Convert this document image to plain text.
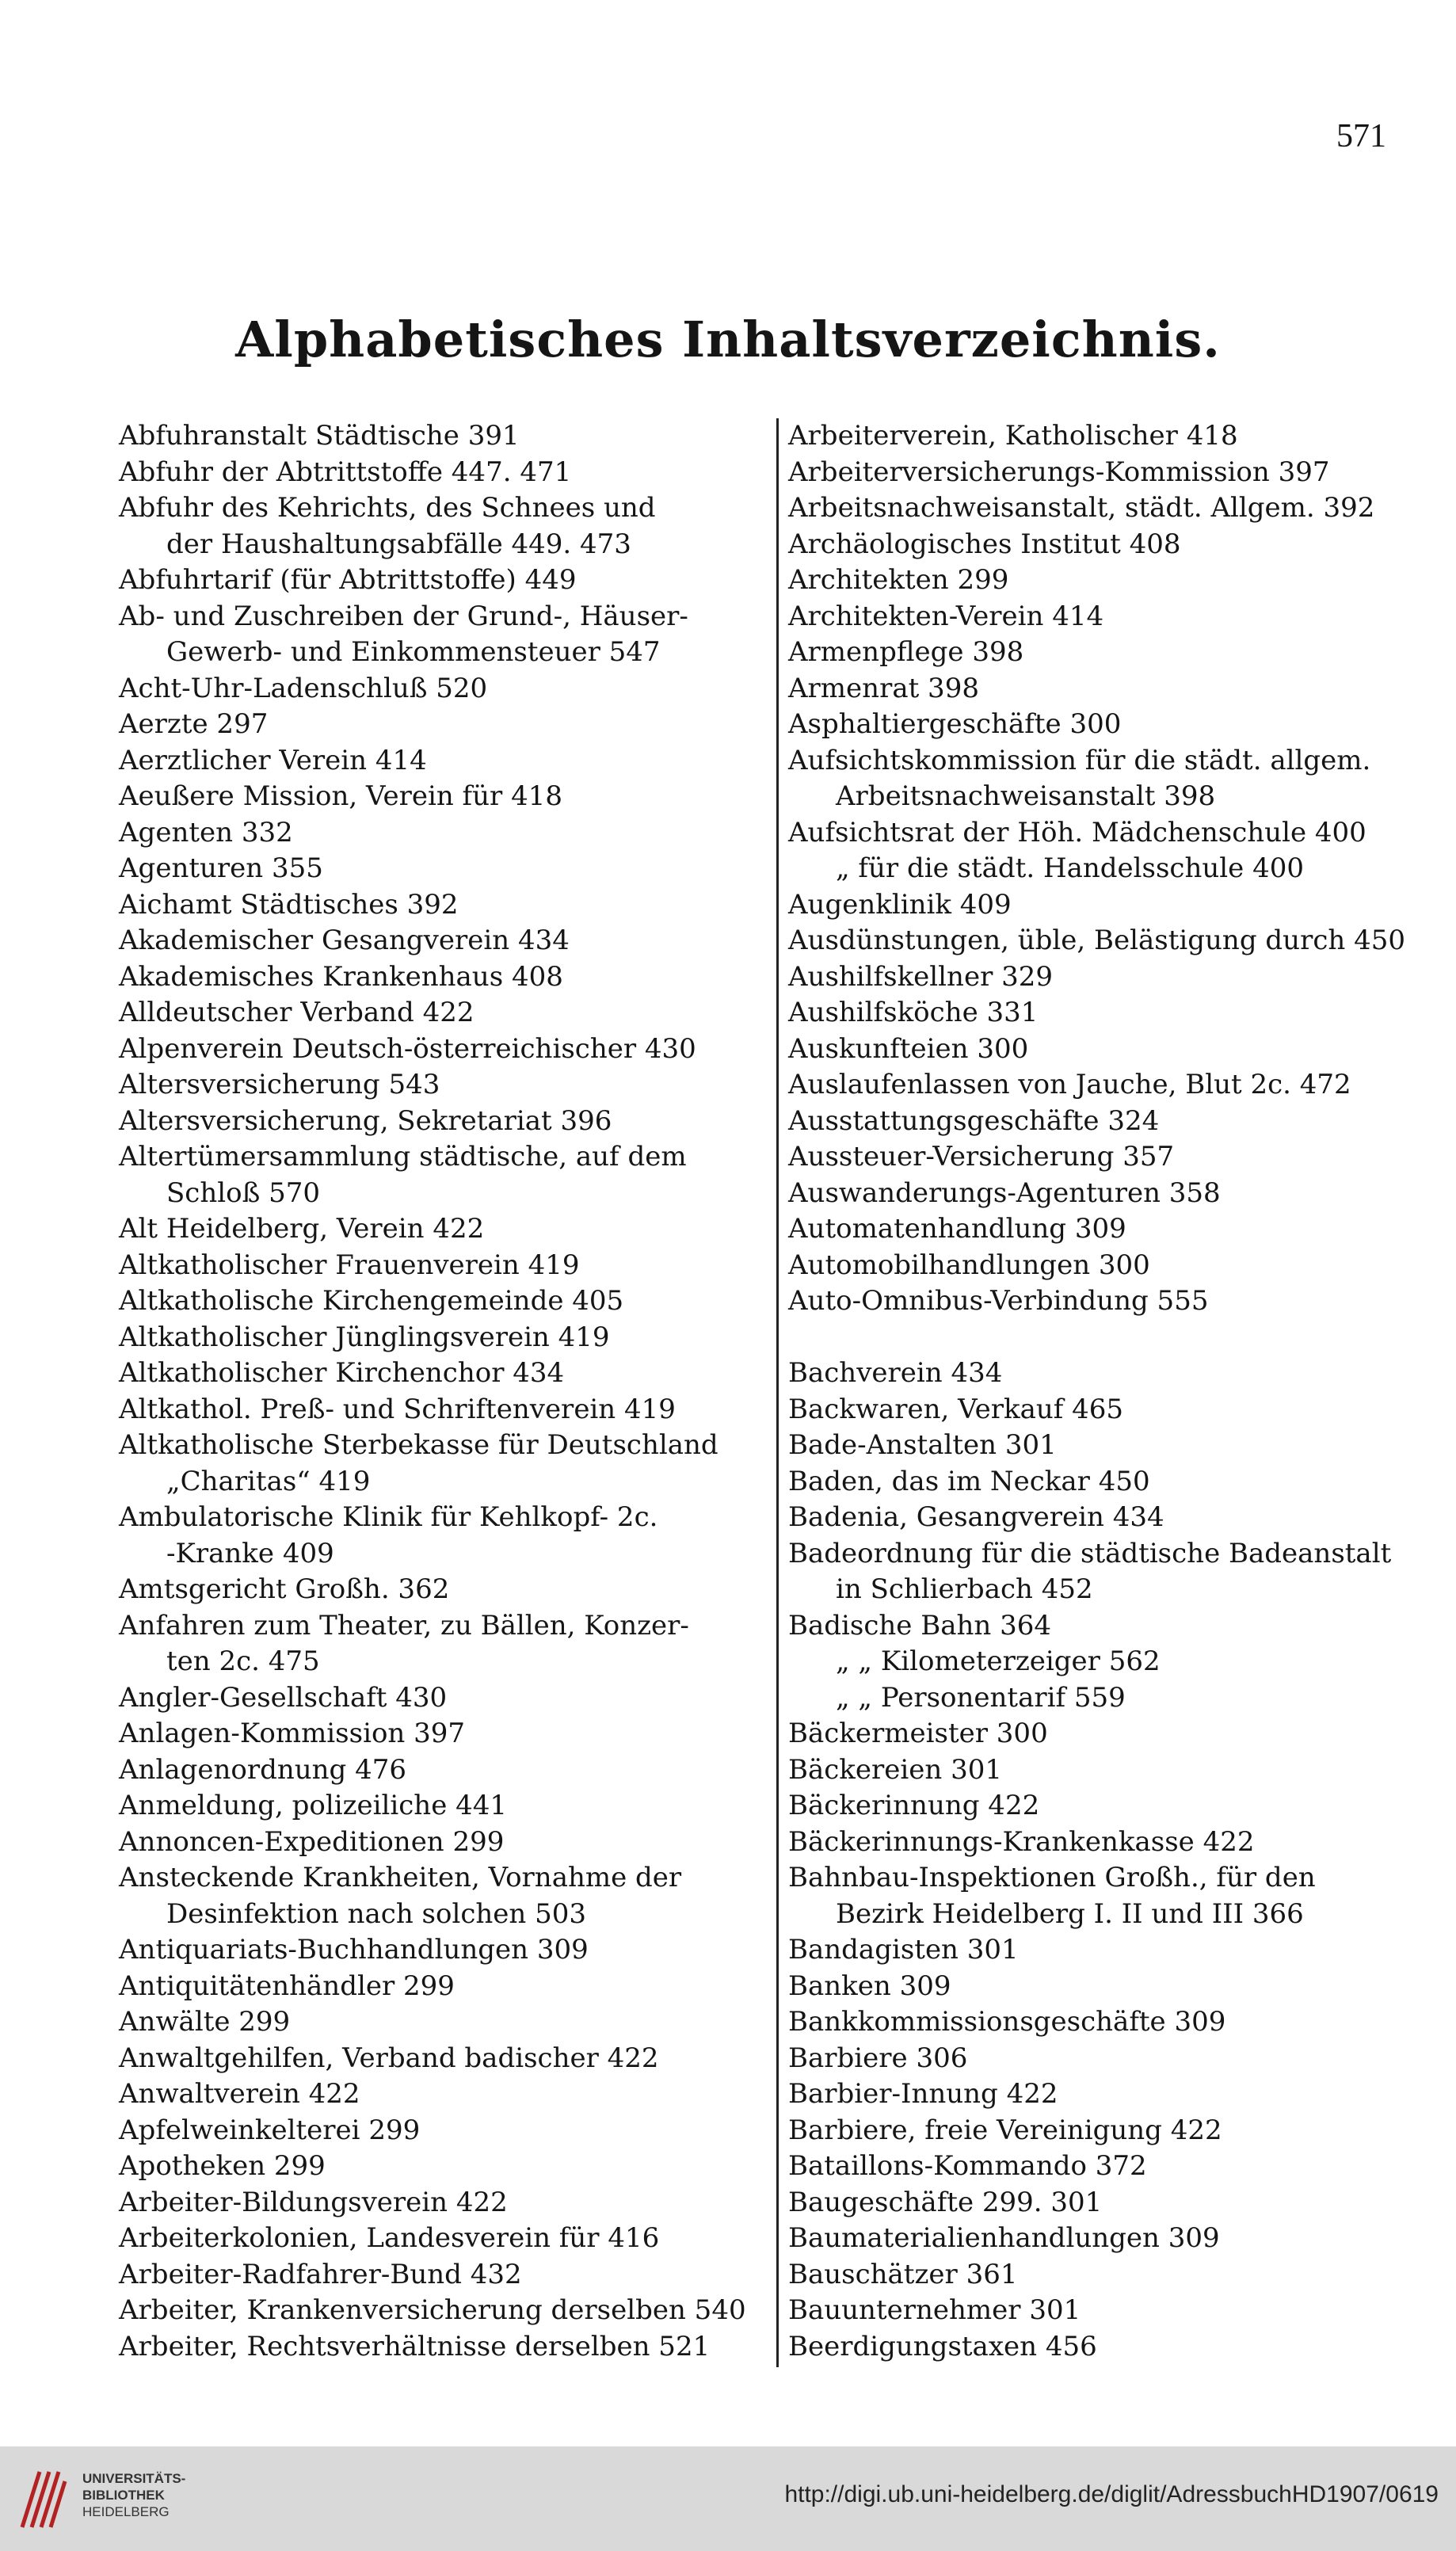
571
Alphabetisches Inhaltsverzeichnis.
Abfuhranstalt Städtische 391
Abfuhr der Abtrittstoffe 447. 471
Abfuhr des Kehrichts, des Schnees und
der Haushaltungsabfälle 449. 473
Abfuhrtarif (für Abtrittstoffe) 449
Ab- und Zuschreiben der Grund-, Häuser-
Gewerb- und Einkommensteuer 547
Acht-Uhr-Ladenschluß 520
Aerzte 297
Aerztlicher Verein 414
Aeußere Mission, Verein für 418
Agenten 332
Agenturen 355
Aichamt Städtisches 392
Akademischer Gesangverein 434
Akademisches Krankenhaus 408
Alldeutscher Verband 422
Alpenverein Deutsch-österreichischer 430
Altersversicherung 543
Altersversicherung, Sekretariat 396
Altertümersammlung städtische, auf dem
Schloß 570
Alt Heidelberg, Verein 422
Altkatholischer Frauenverein 419
Altkatholische Kirchengemeinde 405
Altkatholischer Jünglingsverein 419
Altkatholischer Kirchenchor 434
Altkathol. Preß- und Schriftenverein 419
Altkatholische Sterbekasse für Deutschland
„Charitas“ 419
Ambulatorische Klinik für Kehlkopf- 2c.
-Kranke 409
Amtsgericht Großh. 362
Anfahren zum Theater, zu Bällen, Konzer-
ten 2c. 475
Angler-Gesellschaft 430
Anlagen-Kommission 397
Anlagenordnung 476
Anmeldung, polizeiliche 441
Annoncen-Expeditionen 299
Ansteckende Krankheiten, Vornahme der
Desinfektion nach solchen 503
Antiquariats-Buchhandlungen 309
Antiquitätenhändler 299
Anwälte 299
Anwaltgehilfen, Verband badischer 422
Anwaltverein 422
Apfelweinkelterei 299
Apotheken 299
Arbeiter-Bildungsverein 422
Arbeiterkolonien, Landesverein für 416
Arbeiter-Radfahrer-Bund 432
Arbeiter, Krankenversicherung derselben 540
Arbeiter, Rechtsverhältnisse derselben 521
Arbeiterverein, Katholischer 418
Arbeiterversicherungs-Kommission 397
Arbeitsnachweisanstalt, städt. Allgem. 392
Archäologisches Institut 408
Architekten 299
Architekten-Verein 414
Armenpflege 398
Armenrat 398
Asphaltiergeschäfte 300
Aufsichtskommission für die städt. allgem.
Arbeitsnachweisanstalt 398
Aufsichtsrat der Höh. Mädchenschule 400
„ für die städt. Handelsschule 400
Augenklinik 409
Ausdünstungen, üble, Belästigung durch 450
Aushilfskellner 329
Aushilfsköche 331
Auskunfteien 300
Auslaufenlassen von Jauche, Blut 2c. 472
Ausstattungsgeschäfte 324
Aussteuer-Versicherung 357
Auswanderungs-Agenturen 358
Automatenhandlung 309
Automobilhandlungen 300
Auto-Omnibus-Verbindung 555
Bachverein 434
Backwaren, Verkauf 465
Bade-Anstalten 301
Baden, das im Neckar 450
Badenia, Gesangverein 434
Badeordnung für die städtische Badeanstalt
in Schlierbach 452
Badische Bahn 364
„ „ Kilometerzeiger 562
„ „ Personentarif 559
Bäckermeister 300
Bäckereien 301
Bäckerinnung 422
Bäckerinnungs-Krankenkasse 422
Bahnbau-Inspektionen Großh., für den
Bezirk Heidelberg I. II und III 366
Bandagisten 301
Banken 309
Bankkommissionsgeschäfte 309
Barbiere 306
Barbier-Innung 422
Barbiere, freie Vereinigung 422
Bataillons-Kommando 372
Baugeschäfte 299. 301
Baumaterialienhandlungen 309
Bauschätzer 361
Bauunternehmer 301
Beerdigungstaxen 456
UNIVERSITÄTS-
BIBLIOTHEK
HEIDELBERG
http://digi.ub.uni-heidelberg.de/diglit/AdressbuchHD1907/0619
